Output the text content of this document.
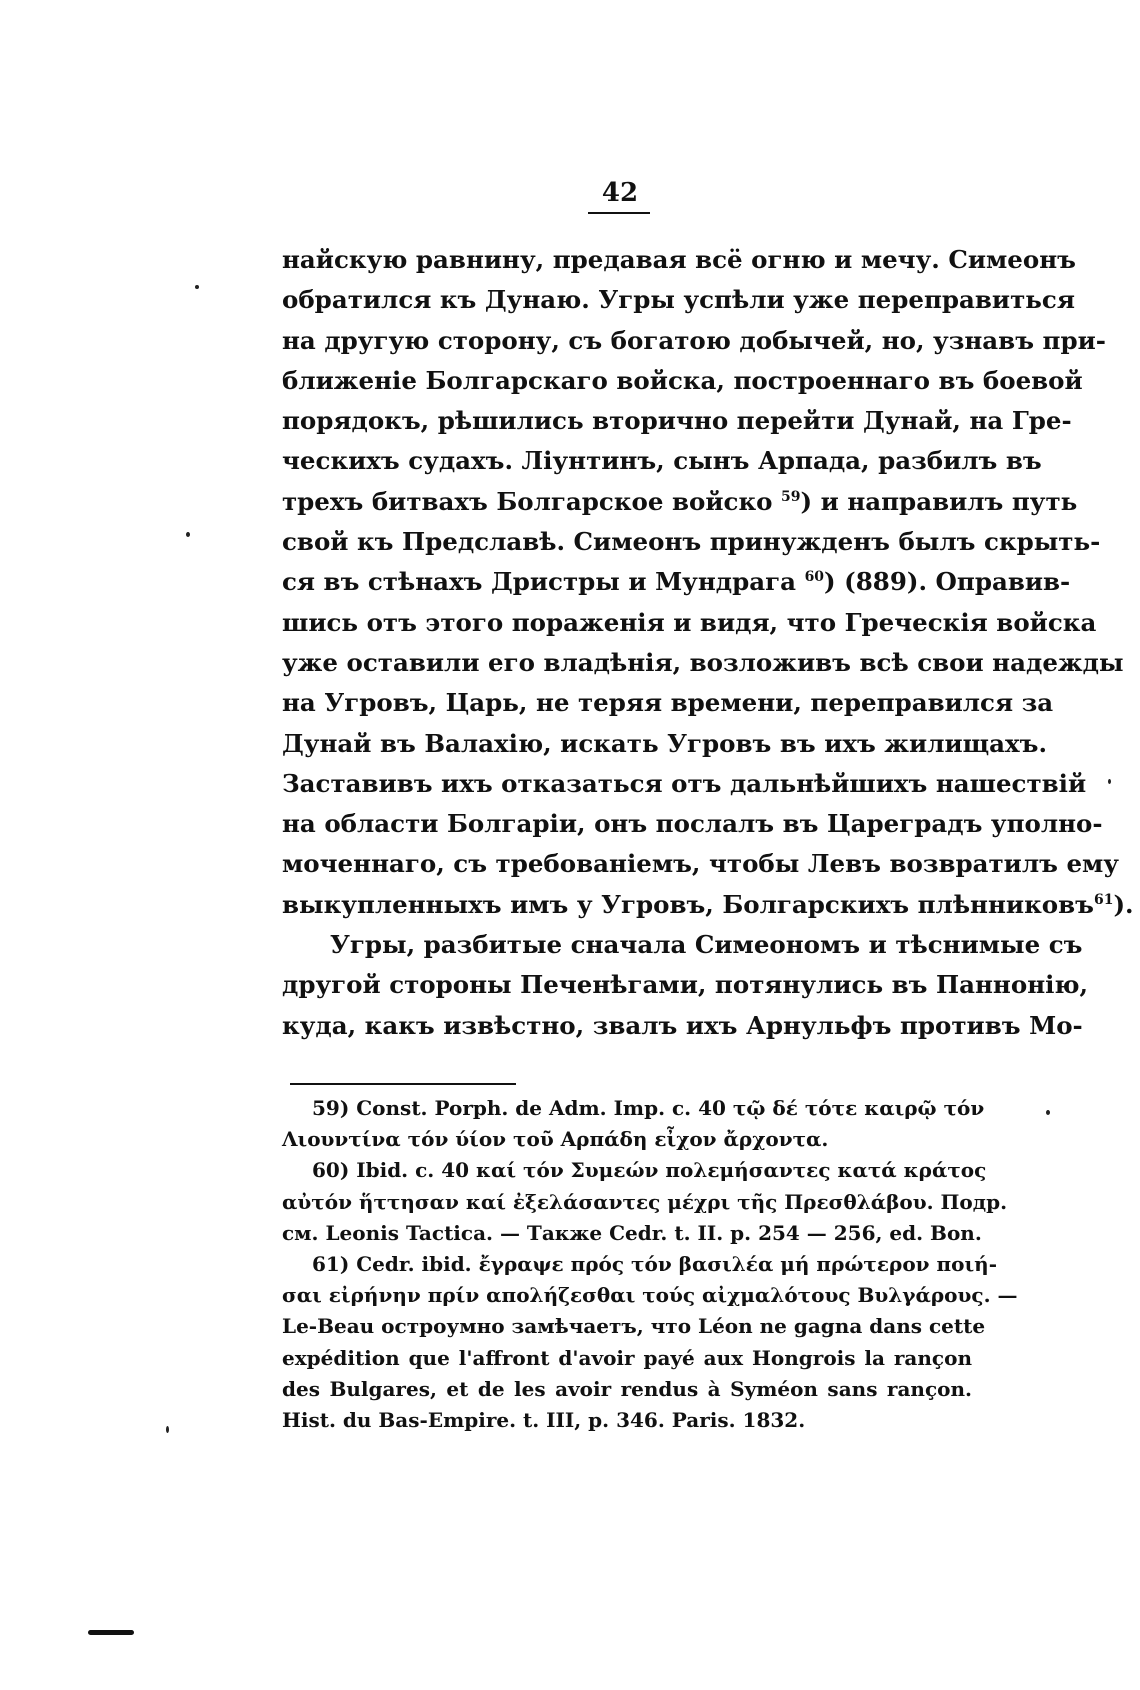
42
найскую равнину, предавая всё огню и мечу. Симеонъ
обратился къ Дунаю. Угры успѣли уже переправиться
на другую сторону, съ богатою добычей, но, узнавъ при-
ближеніе Болгарскаго войска, построеннаго въ боевой
порядокъ, рѣшились вторично перейти Дунай, на Гре-
ческихъ судахъ. Ліунтинъ, сынъ Арпада, разбилъ въ
трехъ битвахъ Болгарское войско $^{59}$) и направилъ путь
свой къ Предславѣ. Симеонъ принужденъ былъ скрыть-
ся въ стѣнахъ Дристры и Мундрага $^{60}$) (889). Оправив-
шись отъ этого пораженія и видя, что Греческія войска
уже оставили его владѣнія, возложивъ всѣ свои надежды
на Угровъ, Царь, не теряя времени, переправился за
Дунай въ Валахію, искать Угровъ въ ихъ жилищахъ.
Заставивъ ихъ отказаться отъ дальнѣйшихъ нашествій
на области Болгаріи, онъ послалъ въ Цареградъ уполно-
моченнаго, съ требованіемъ, чтобы Левъ возвратилъ ему
выкупленныхъ имъ у Угровъ, Болгарскихъ плѣнниковъ$^{61}$).
Угры, разбитые сначала Симеономъ и тѣснимые съ
другой стороны Печенѣгами, потянулись въ Паннонію,
куда, какъ извѣстно, звалъ ихъ Арнульфъ противъ Мо-
59) Const. Porph. de Adm. Imp. c. 40 τῷ δέ τότε καιρῷ τόν
Λιουντίνα τόν ύίον τοῦ Αρπάδη εἶχον ἄρχοντα.
60) Ibid. c. 40 καί τόν Συμεών πολεμήσαντες κατά κράτος
αὐτόν ἥττησαν καί ἐξελάσαντες μέχρι τῆς Πρεσθλάβου. Подр.
см. Leonis Tactica. — Также Cedr. t. II. p. 254 — 256, ed. Bon.
61) Cedr. ibid. ἔγραψε πρός τόν βασιλέα μή πρώτερον ποιή-
σαι εἰρήνην πρίν απολήζεσθαι τούς αἰχμαλότους Βυλγάρους. —
Le-Beau остроумно замѣчаетъ, что Léon ne gagna dans cette
expédition que l'affront d'avoir payé aux Hongrois la rançon
des Bulgares, et de les avoir rendus à Syméon sans rançon.
Hist. du Bas-Empire. t. III, p. 346. Paris. 1832.
